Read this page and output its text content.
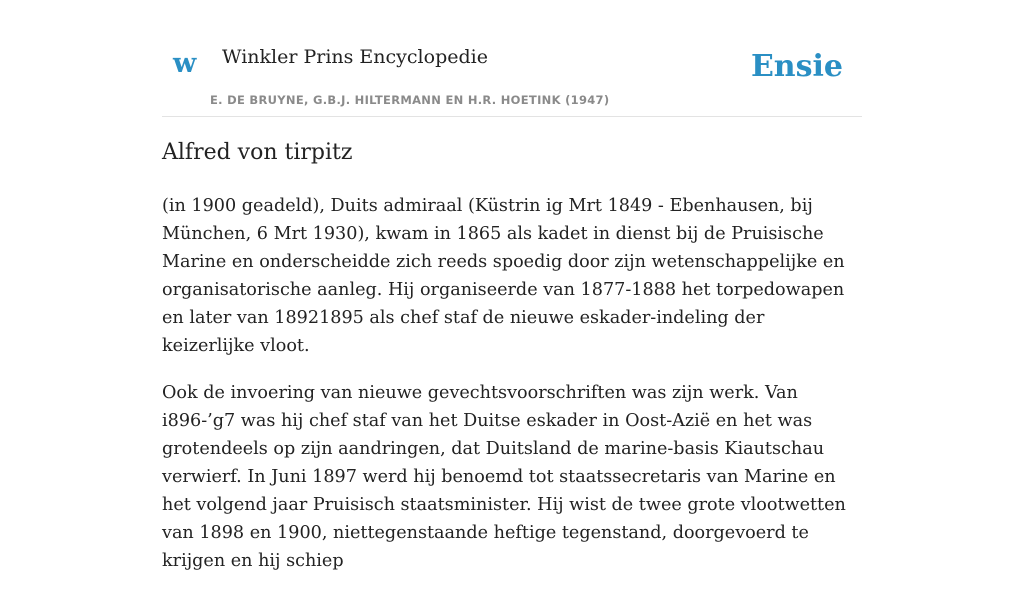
w Winkler Prins Encyclopedie
E. DE BRUYNE, G.B.J. HILTERMANN EN H.R. HOETINK (1947)
Ensie
Alfred von tirpitz

(in 1900 geadeld), Duits admiraal (Küstrin ig Mrt 1849 - Ebenhausen, bij München, 6 Mrt 1930), kwam in 1865 als kadet in dienst bij de Pruisische Marine en onderscheidde zich reeds spoedig door zijn wetenschappelijke en organisatorische aanleg. Hij organiseerde van 1877-1888 het torpedowapen en later van 18921895 als chef staf de nieuwe eskader-indeling der keizerlijke vloot.

Ook de invoering van nieuwe gevechtsvoorschriften was zijn werk. Van i896-’g7 was hij chef staf van het Duitse eskader in Oost-Azië en het was grotendeels op zijn aandringen, dat Duitsland de marine-basis Kiautschau verwierf. In Juni 1897 werd hij benoemd tot staatssecretaris van Marine en het volgend jaar Pruisisch staatsminister. Hij wist de twee grote vlootwetten van 1898 en 1900, niettegenstaande heftige tegenstand, doorgevoerd te krijgen en hij schiep
